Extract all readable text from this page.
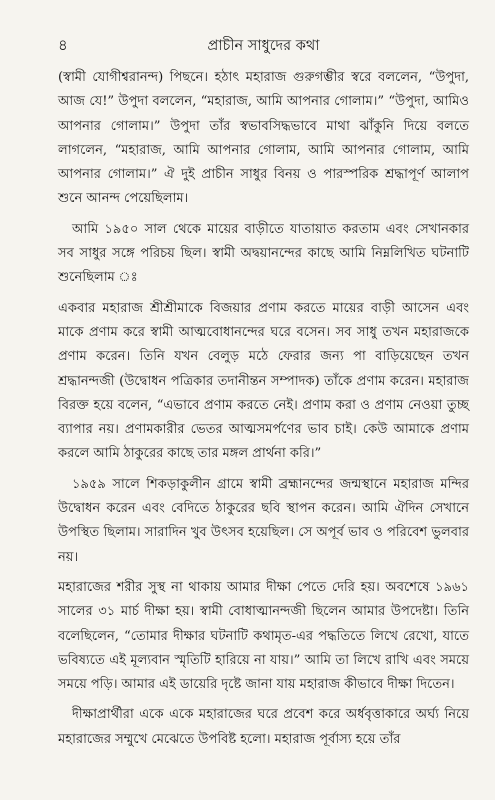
৪	প্রাচীন সাধুদের কথা

(স্বামী যোগীশ্বরানন্দ) পিছনে। হঠাৎ মহারাজ গুরুগম্ভীর স্বরে বললেন, “উপুদা, আজ যে!” উপুদা বললেন, “মহারাজ, আমি আপনার গোলাম।” “উপুদা, আমিও আপনার গোলাম।” উপুদা তাঁর স্বভাবসিদ্ধভাবে মাথা ঝাঁকুনি দিয়ে বলতে লাগলেন, “মহারাজ, আমি আপনার গোলাম, আমি আপনার গোলাম, আমি আপনার গোলাম।” ঐ দুই প্রাচীন সাধুর বিনয় ও পারস্পরিক শ্রদ্ধাপূর্ণ আলাপ শুনে আনন্দ পেয়েছিলাম।

আমি ১৯৫০ সাল থেকে মায়ের বাড়ীতে যাতায়াত করতাম এবং সেখানকার সব সাধুর সঙ্গে পরিচয় ছিল। স্বামী অদ্বয়ানন্দের কাছে আমি নিম্নলিখিত ঘটনাটি শুনেছিলাম ঃ

একবার মহারাজ শ্রীশ্রীমাকে বিজয়ার প্রণাম করতে মায়ের বাড়ী আসেন এবং মাকে প্রণাম করে স্বামী আত্মবোধানন্দের ঘরে বসেন। সব সাধু তখন মহারাজকে প্রণাম করেন। তিনি যখন বেলুড় মঠে ফেরার জন্য পা বাড়িয়েছেন তখন শ্রদ্ধানন্দজী (উদ্বোধন পত্রিকার তদানীন্তন সম্পাদক) তাঁকে প্রণাম করেন। মহারাজ বিরক্ত হয়ে বলেন, “এভাবে প্রণাম করতে নেই। প্রণাম করা ও প্রণাম নেওয়া তুচ্ছ ব্যাপার নয়। প্রণামকারীর ভেতর আত্মসমর্পণের ভাব চাই। কেউ আমাকে প্রণাম করলে আমি ঠাকুরের কাছে তার মঙ্গল প্রার্থনা করি।”

১৯৫৯ সালে শিকড়াকুলীন গ্রামে স্বামী ব্রহ্মানন্দের জন্মস্থানে মহারাজ মন্দির উদ্বোধন করেন এবং বেদিতে ঠাকুরের ছবি স্থাপন করেন। আমি ঐদিন সেখানে উপস্থিত ছিলাম। সারাদিন খুব উৎসব হয়েছিল। সে অপূর্ব ভাব ও পরিবেশ ভুলবার নয়।

মহারাজের শরীর সুস্থ না থাকায় আমার দীক্ষা পেতে দেরি হয়। অবশেষে ১৯৬১ সালের ৩১ মার্চ দীক্ষা হয়। স্বামী বোধাত্মানন্দজী ছিলেন আমার উপদেষ্টা। তিনি বলেছিলেন, “তোমার দীক্ষার ঘটনাটি কথামৃত-এর পদ্ধতিতে লিখে রেখো, যাতে ভবিষ্যতে এই মূল্যবান স্মৃতিটি হারিয়ে না যায়।” আমি তা লিখে রাখি এবং সময়ে সময়ে পড়ি। আমার এই ডায়েরি দৃষ্টে জানা যায় মহারাজ কীভাবে দীক্ষা দিতেন।

দীক্ষাপ্রার্থীরা একে একে মহারাজের ঘরে প্রবেশ করে অর্ধবৃত্তাকারে অর্ঘ্য নিয়ে মহারাজের সম্মুখে মেঝেতে উপবিষ্ট হলো। মহারাজ পূর্বাস্য হয়ে তাঁর
